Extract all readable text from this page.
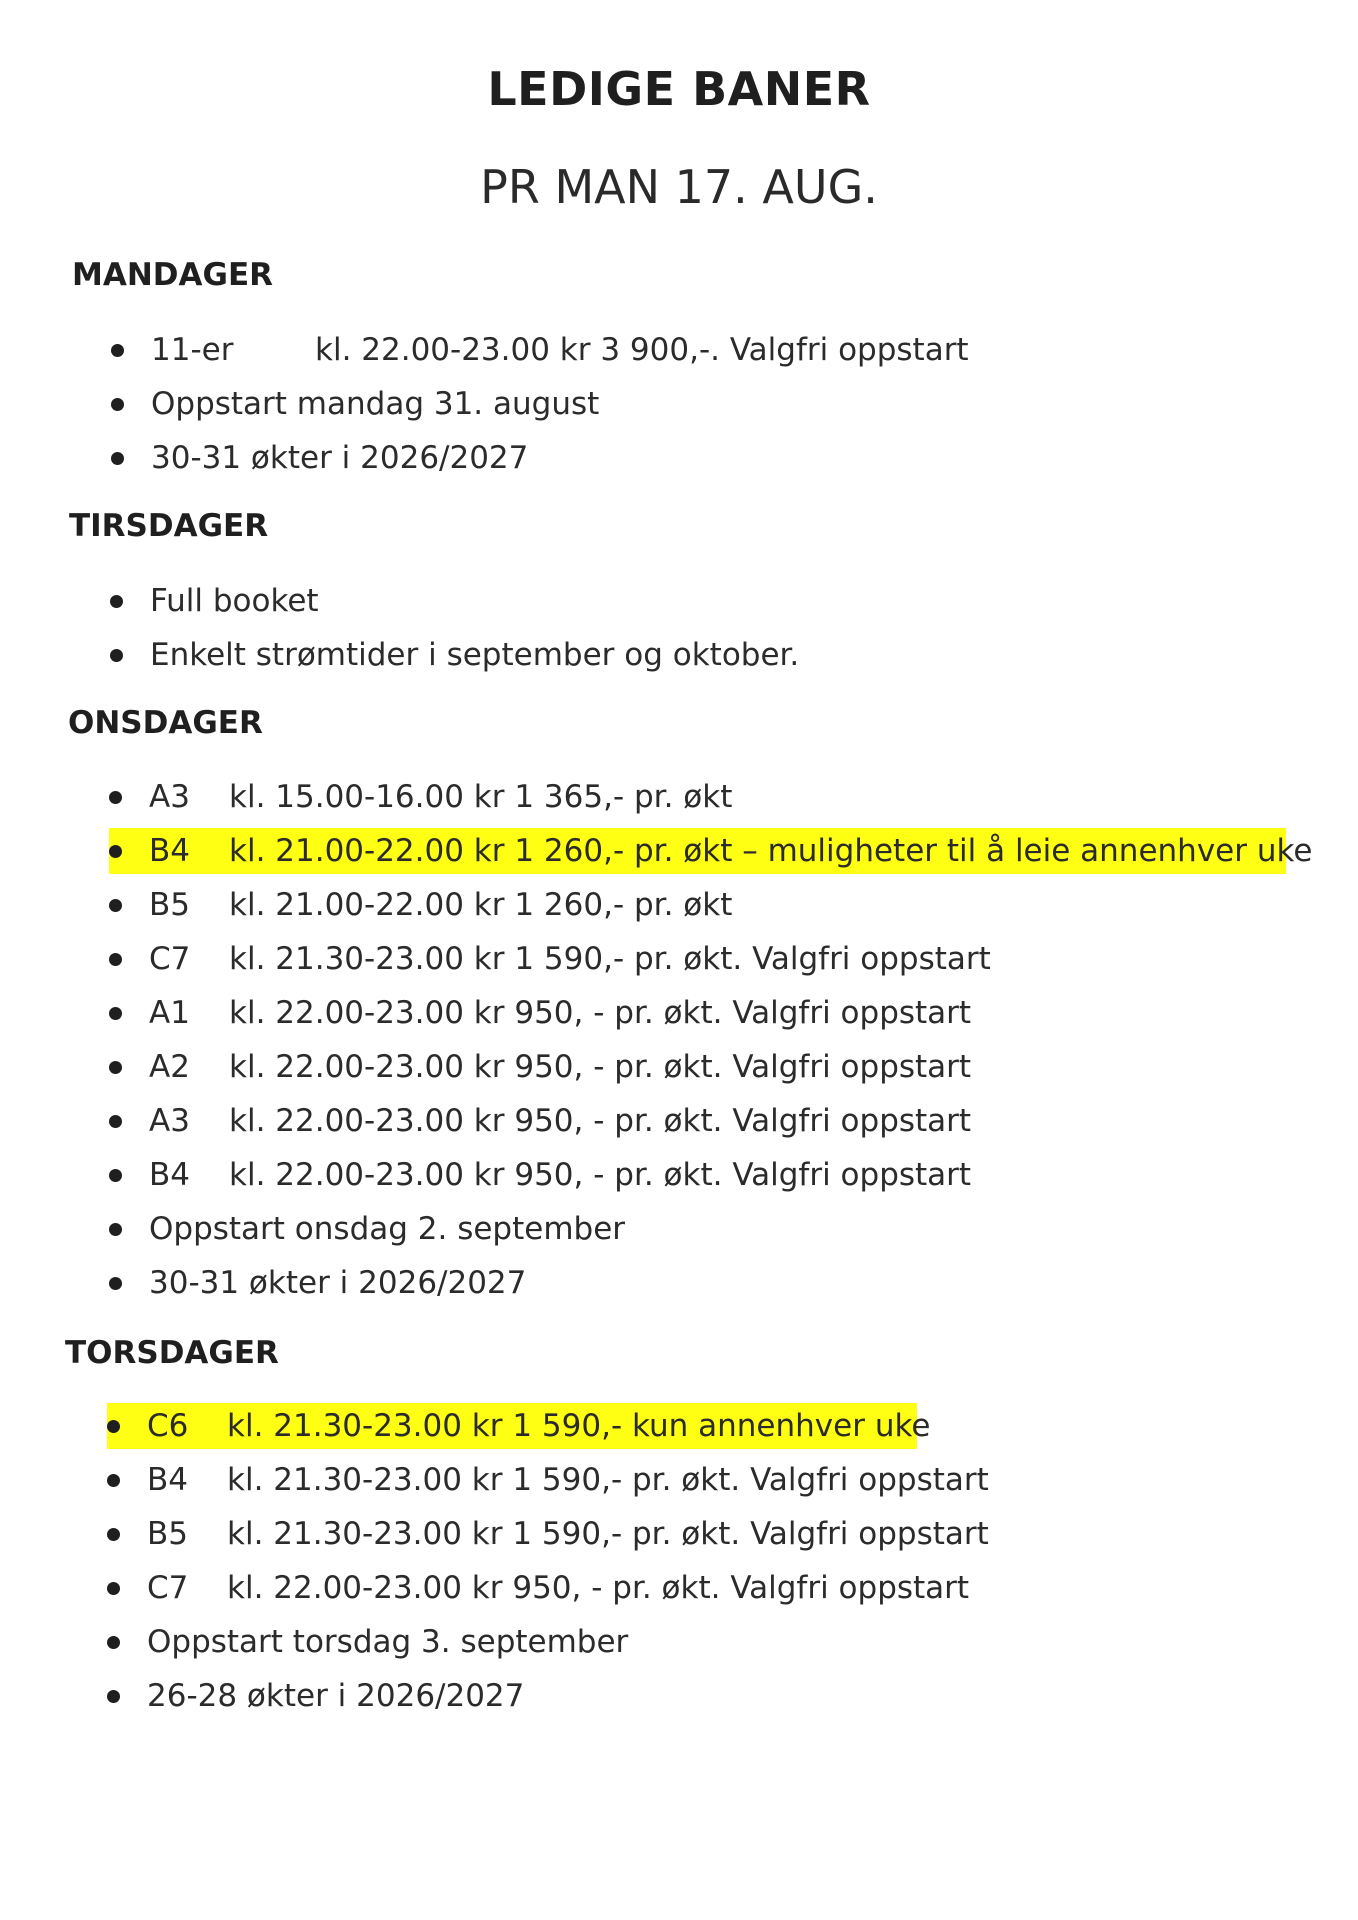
LEDIGE BANER
PR MAN 17. AUG.
MANDAGER
11-er	kl. 22.00-23.00 kr 3 900,-. Valgfri oppstart
Oppstart mandag 31. august
30-31 økter i 2026/2027
TIRSDAGER
Full booket
Enkelt strømtider i september og oktober.
ONSDAGER
A3 kl. 15.00-16.00 kr 1 365,- pr. økt
B4 kl. 21.00-22.00 kr 1 260,- pr. økt – muligheter til å leie annenhver uke
B5 kl. 21.00-22.00 kr 1 260,- pr. økt
C7 kl. 21.30-23.00 kr 1 590,- pr. økt. Valgfri oppstart
A1 kl. 22.00-23.00 kr 950, - pr. økt. Valgfri oppstart
A2 kl. 22.00-23.00 kr 950, - pr. økt. Valgfri oppstart
A3 kl. 22.00-23.00 kr 950, - pr. økt. Valgfri oppstart
B4 kl. 22.00-23.00 kr 950, - pr. økt. Valgfri oppstart
Oppstart onsdag 2. september
30-31 økter i 2026/2027
TORSDAGER
C6 kl. 21.30-23.00 kr 1 590,- kun annenhver uke
B4 kl. 21.30-23.00 kr 1 590,- pr. økt. Valgfri oppstart
B5 kl. 21.30-23.00 kr 1 590,- pr. økt. Valgfri oppstart
C7 kl. 22.00-23.00 kr 950, - pr. økt. Valgfri oppstart
Oppstart torsdag 3. september
26-28 økter i 2026/2027
